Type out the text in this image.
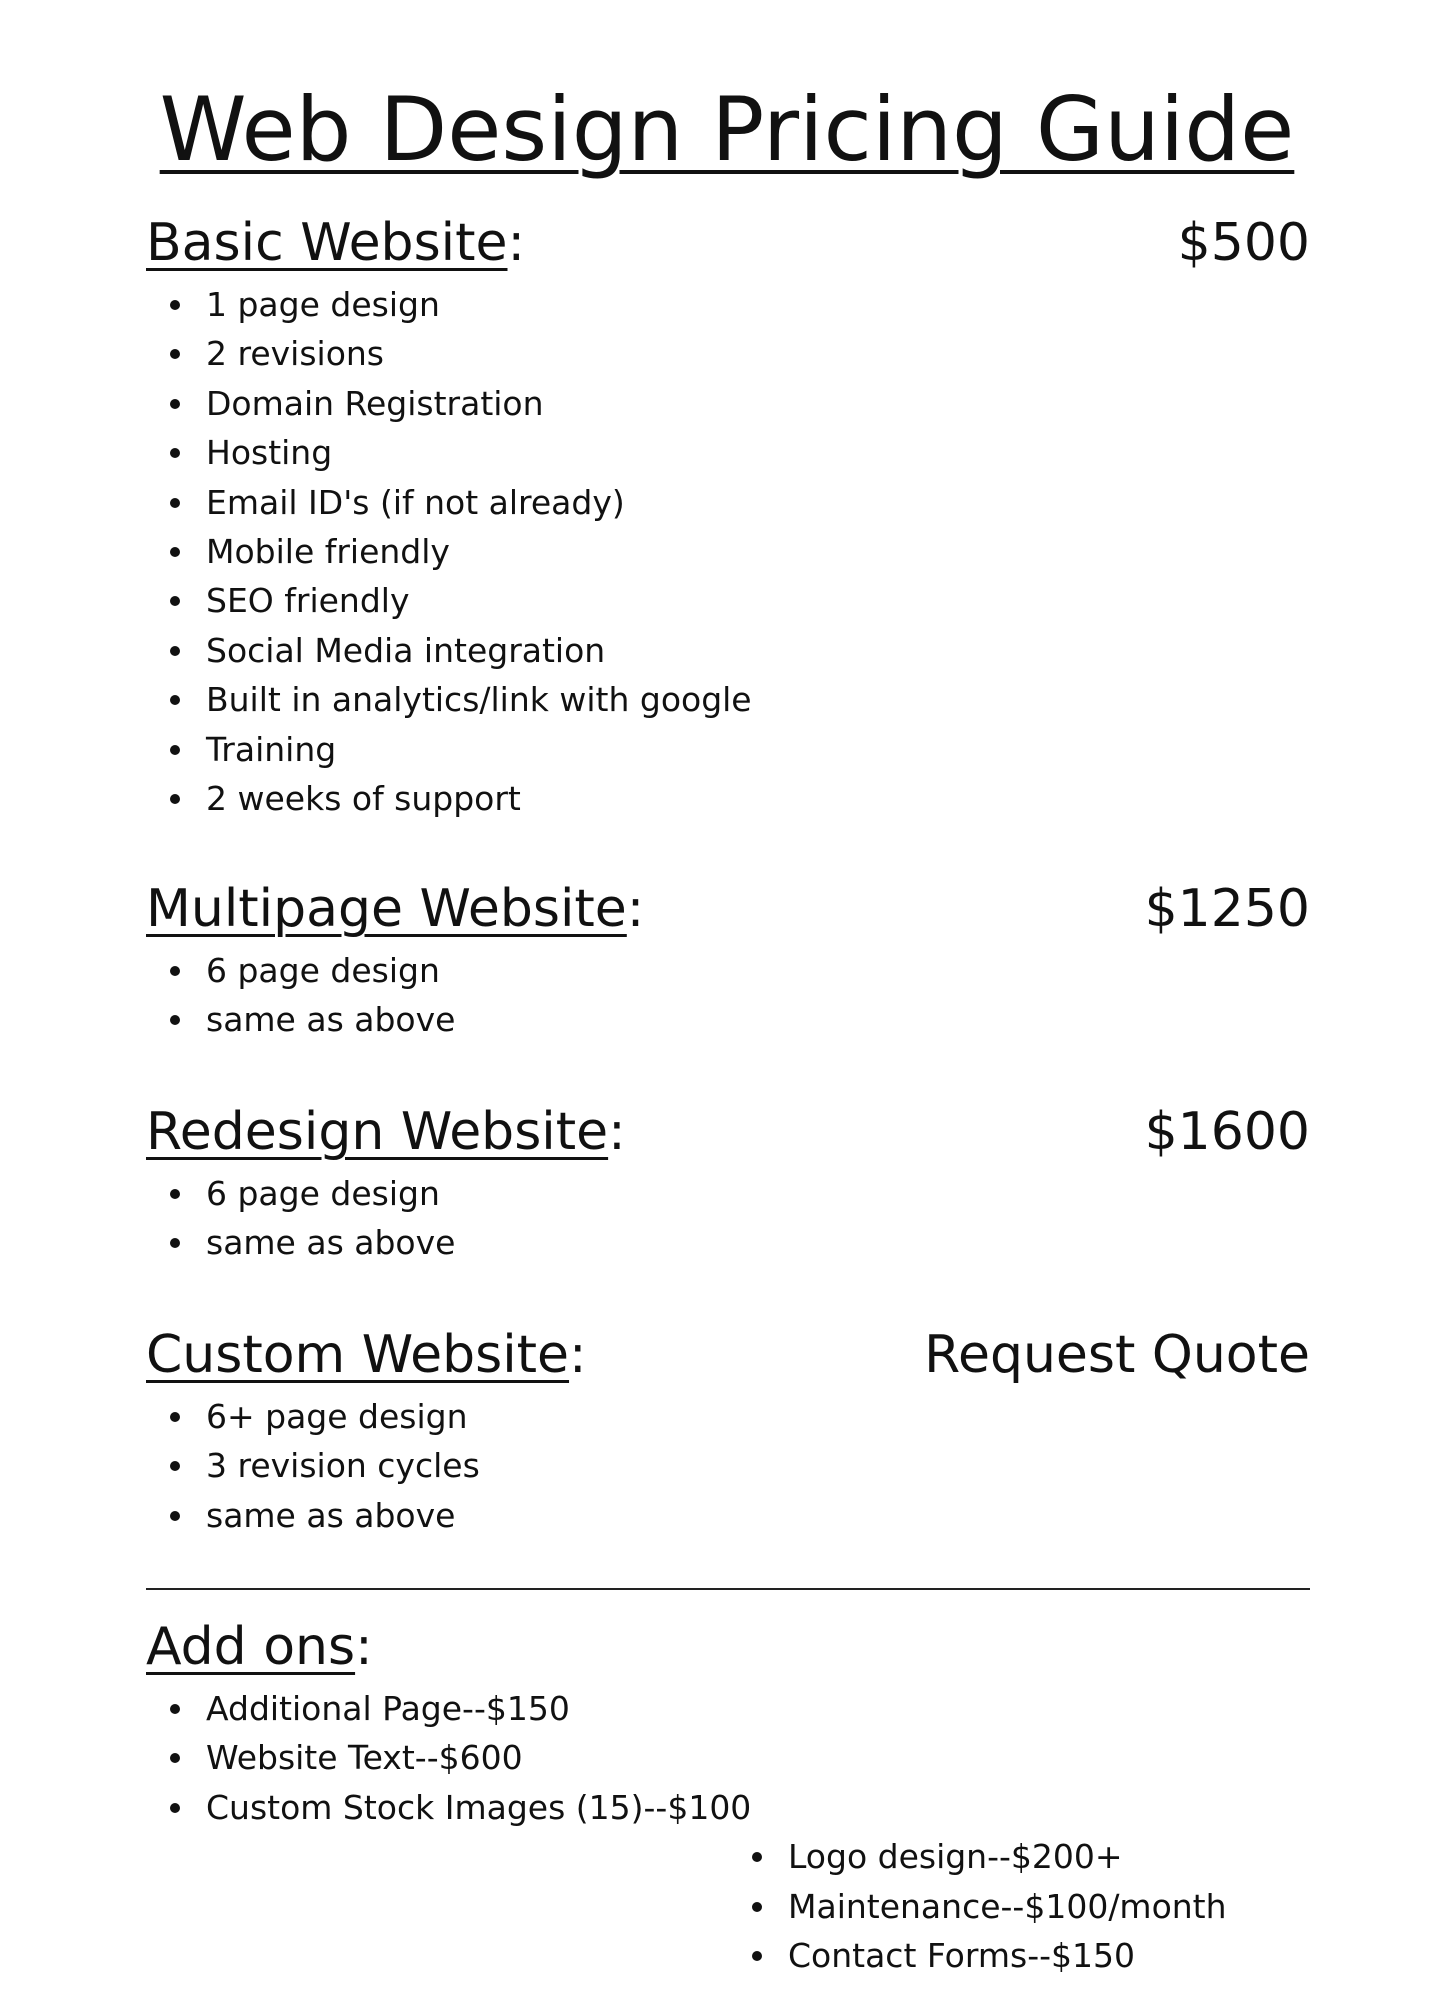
Web Design Pricing Guide
Basic Website:	$500
1 page design
2 revisions
Domain Registration
Hosting
Email ID's (if not already)
Mobile friendly
SEO friendly
Social Media integration
Built in analytics/link with google
Training
2 weeks of support
Multipage Website:	$1250
6 page design
same as above
Redesign Website:	$1600
6 page design
same as above
Custom Website:	Request Quote
6+ page design
3 revision cycles
same as above
Add ons:
Additional Page--$150
Website Text--$600
Custom Stock Images (15)--$100
Logo design--$200+
Maintenance--$100/month
Contact Forms--$150
